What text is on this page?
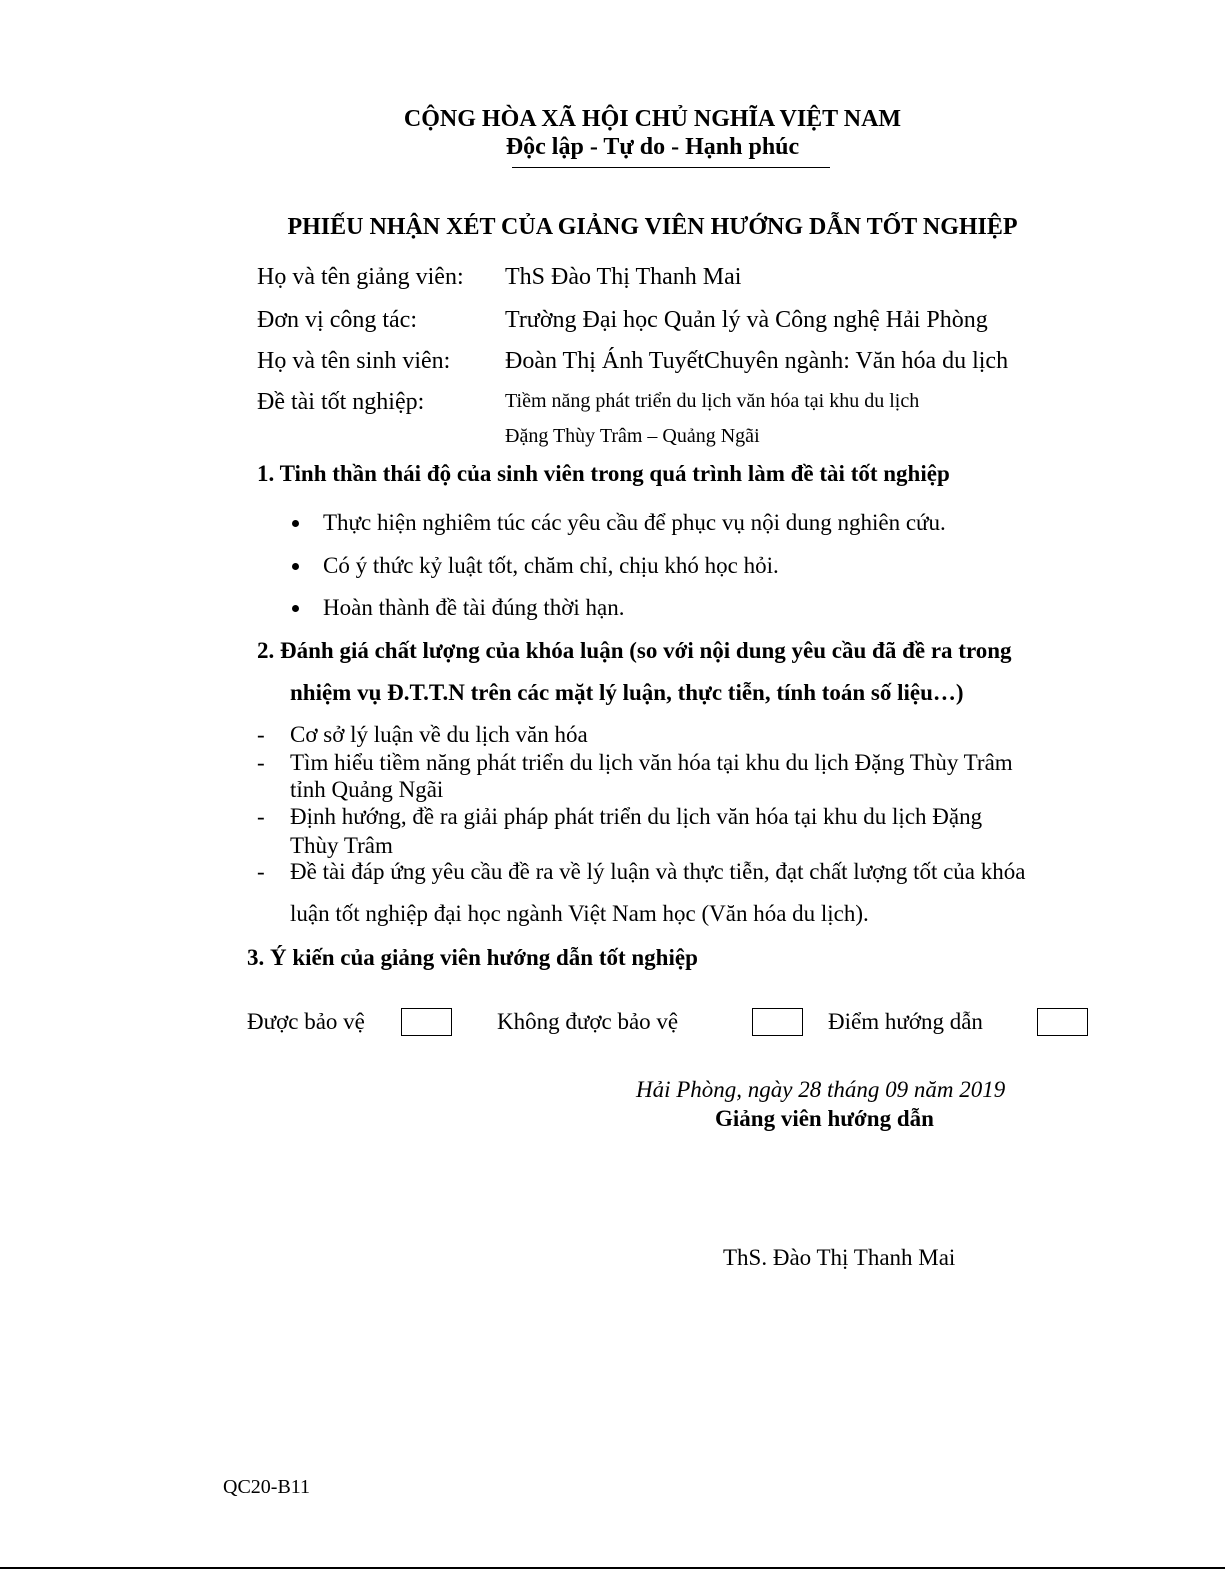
CỘNG HÒA XÃ HỘI CHỦ NGHĨA VIỆT NAM
Độc lập - Tự do - Hạnh phúc
PHIẾU NHẬN XÉT CỦA GIẢNG VIÊN HƯỚNG DẪN TỐT NGHIỆP
Họ và tên giảng viên: ThS Đào Thị Thanh Mai
Đơn vị công tác:	Trường Đại học Quản lý và Công nghệ Hải Phòng
Họ và tên sinh viên: Đoàn Thị Ánh TuyếtChuyên ngành: Văn hóa du lịch
Đề tài tốt nghiệp:	Tiềm năng phát triển du lịch văn hóa tại khu du lịch
Đặng Thùy Trâm – Quảng Ngãi
1. Tinh thần thái độ của sinh viên trong quá trình làm đề tài tốt nghiệp
Thực hiện nghiêm túc các yêu cầu để phục vụ nội dung nghiên cứu.
Có ý thức kỷ luật tốt, chăm chỉ, chịu khó học hỏi.
Hoàn thành đề tài đúng thời hạn.
2. Đánh giá chất lượng của khóa luận (so với nội dung yêu cầu đã đề ra trong
nhiệm vụ Đ.T.T.N trên các mặt lý luận, thực tiễn, tính toán số liệu…)
- Cơ sở lý luận về du lịch văn hóa
- Tìm hiểu tiềm năng phát triển du lịch văn hóa tại khu du lịch Đặng Thùy Trâm
tỉnh Quảng Ngãi
- Định hướng, đề ra giải pháp phát triển du lịch văn hóa tại khu du lịch Đặng
Thùy Trâm
- Đề tài đáp ứng yêu cầu đề ra về lý luận và thực tiễn, đạt chất lượng tốt của khóa
luận tốt nghiệp đại học ngành Việt Nam học (Văn hóa du lịch).
3. Ý kiến của giảng viên hướng dẫn tốt nghiệp
Được bảo vệ	Không được bảo vệ	Điểm hướng dẫn
Hải Phòng, ngày 28 tháng 09 năm 2019
Giảng viên hướng dẫn
ThS. Đào Thị Thanh Mai
QC20-B11
